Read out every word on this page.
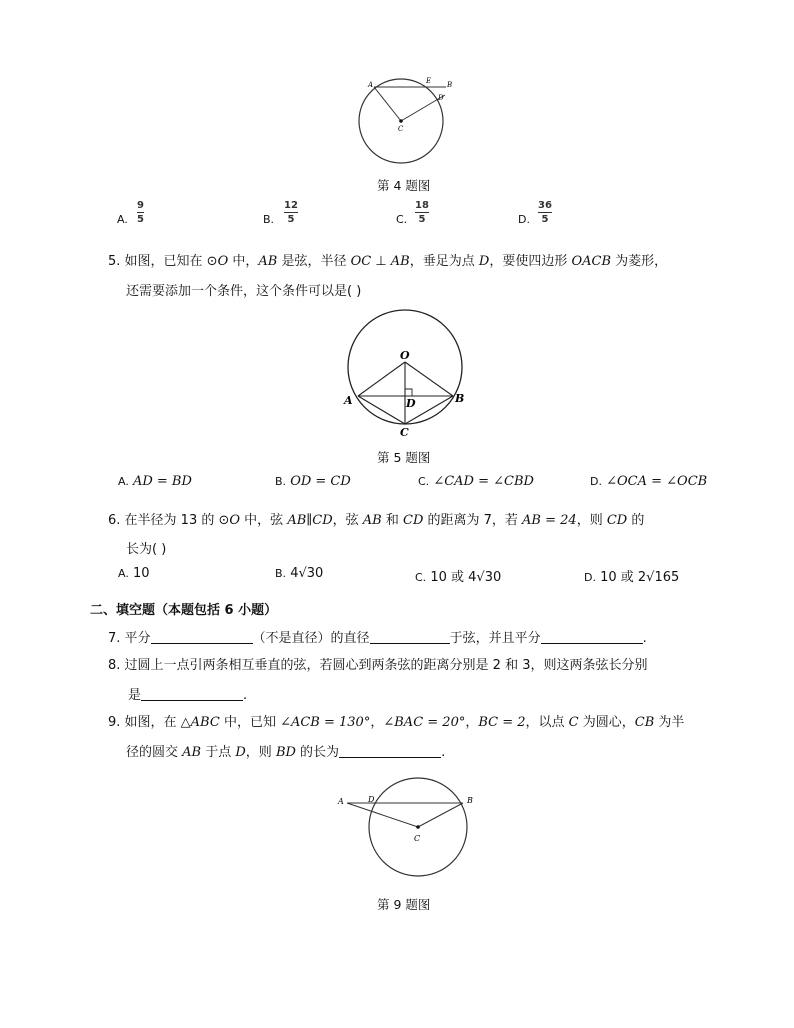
A	E B
D
C
第 4 题图
A.
9
5	B.
12
5	C.
18
5	D.
36
5
5. 如图，已知在 ⊙O 中，AB 是弦，半径 OC ⊥ AB，垂足为点 D，要使四边形 OACB 为菱形，
还需要添加一个条件，这个条件可以是( )
O
A	B
D
C
第 5 题图
A. AD = BD	B. OD = CD	C. ∠CAD = ∠CBD	D. ∠OCA = ∠OCB
6. 在半径为 13 的 ⊙O 中，弦 AB∥CD，弦 AB 和 CD 的距离为 7，若 AB = 24，则 CD 的
长为( )
A. 10	B. 4√30	C. 10 或 4√30	D. 10 或 2√165
二、填空题（本题包括 6 小题）
7. 平分	（不是直径）的直径	于弦，并且平分	.
8. 过圆上一点引两条相互垂直的弦，若圆心到两条弦的距离分别是 2 和 3，则这两条弦长分别
是	.
9. 如图，在 △ABC 中，已知 ∠ACB = 130°，∠BAC = 20°，BC = 2，以点 C 为圆心，CB 为半
径的圆交 AB 于点 D，则 BD 的长为	.
A	D	B
C
第 9 题图
